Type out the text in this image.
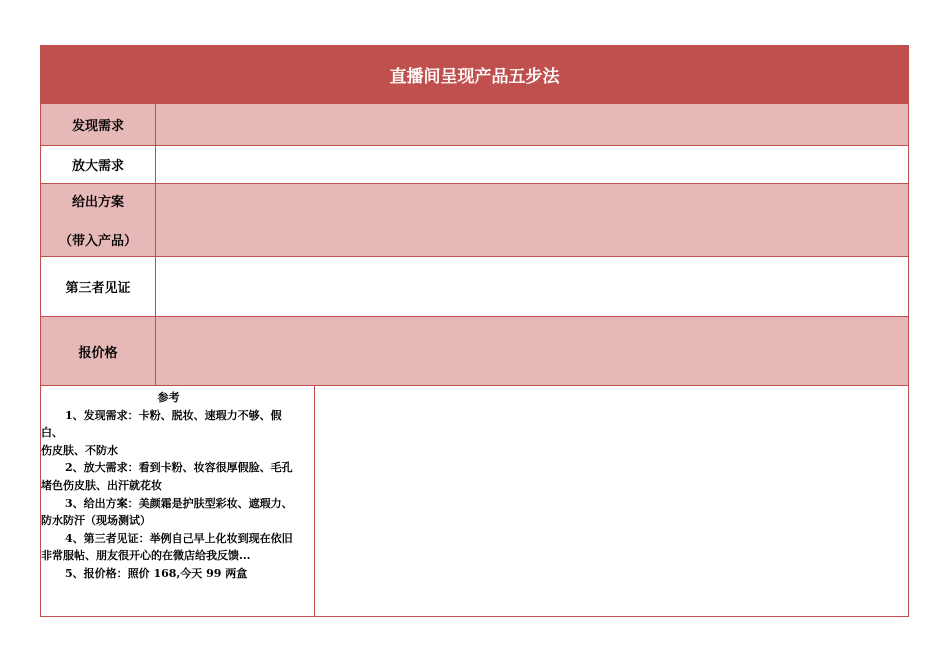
直播间呈现产品五步法
发现需求
放大需求
给出方案
（带入产品）
第三者见证
报价格
参考
1、发现需求：卡粉、脱妆、速瑕力不够、假
白、
伤皮肤、不防水
2、放大需求：看到卡粉、妆容很厚假脸、毛孔
堵色伤皮肤、出汗就花妆
3、给出方案：美颜霜是护肤型彩妆、遮瑕力、
防水防汗（现场测试）
4、第三者见证：举例自己早上化妆到现在依旧
非常服帖、朋友很开心的在微店给我反馈...
5、报价格：照价 168,今天 99 两盒
